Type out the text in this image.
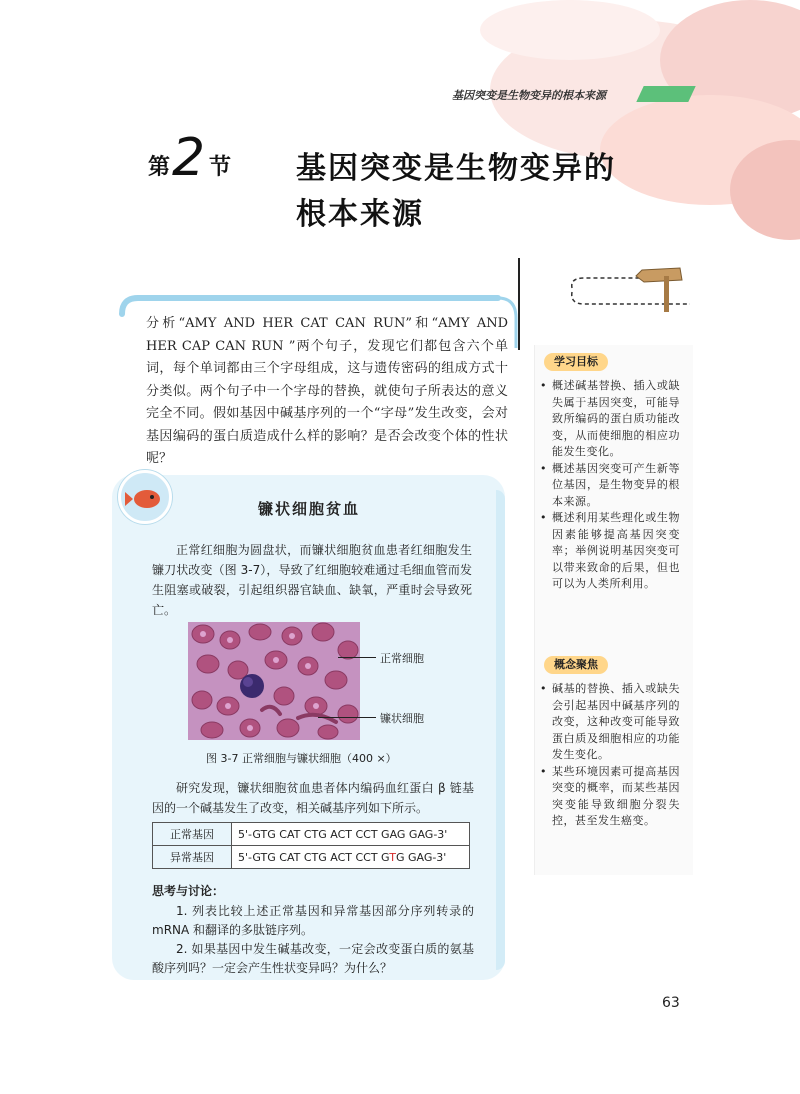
基因突变是生物变异的根本来源
第 2 节 基因突变是生物变异的
根本来源
分析“AMY AND HER CAT CAN RUN”和“AMY AND HER CAP CAN RUN ”两个句子，发现它们都包含六个单词，每个单词都由三个字母组成，这与遗传密码的组成方式十分类似。两个句子中一个字母的替换，就使句子所表达的意义完全不同。假如基因中碱基序列的一个“字母”发生改变，会对基因编码的蛋白质造成什么样的影响？是否会改变个体的性状呢？
镰状细胞贫血
正常红细胞为圆盘状，而镰状细胞贫血患者红细胞发生镰刀状改变（图 3-7），导致了红细胞较难通过毛细血管而发生阻塞或破裂，引起组织器官缺血、缺氧，严重时会导致死亡。
正常细胞
镰状细胞
图 3-7 正常细胞与镰状细胞（400 ×）
研究发现，镰状细胞贫血患者体内编码血红蛋白 β 链基因的一个碱基发生了改变，相关碱基序列如下所示。
正常基因	5'-GTG CAT CTG ACT CCT GAG GAG-3'
异常基因	5'-GTG CAT CTG ACT CCT GTG GAG-3'
思考与讨论：

1. 列表比较上述正常基因和异常基因部分序列转录的 mRNA 和翻译的多肽链序列。

2. 如果基因中发生碱基改变，一定会改变蛋白质的氨基酸序列吗？一定会产生性状变异吗？为什么？

学习目标
• 概述碱基替换、插入或缺失属于基因突变，可能导致所编码的蛋白质功能改变，从而使细胞的相应功能发生变化。
• 概述基因突变可产生新等位基因，是生物变异的根本来源。
• 概述利用某些理化或生物因素能够提高基因突变率；举例说明基因突变可以带来致命的后果，但也可以为人类所利用。
概念聚焦
• 碱基的替换、插入或缺失会引起基因中碱基序列的改变，这种改变可能导致蛋白质及细胞相应的功能发生变化。
• 某些环境因素可提高基因突变的概率，而某些基因突变能导致细胞分裂失控，甚至发生癌变。
63
